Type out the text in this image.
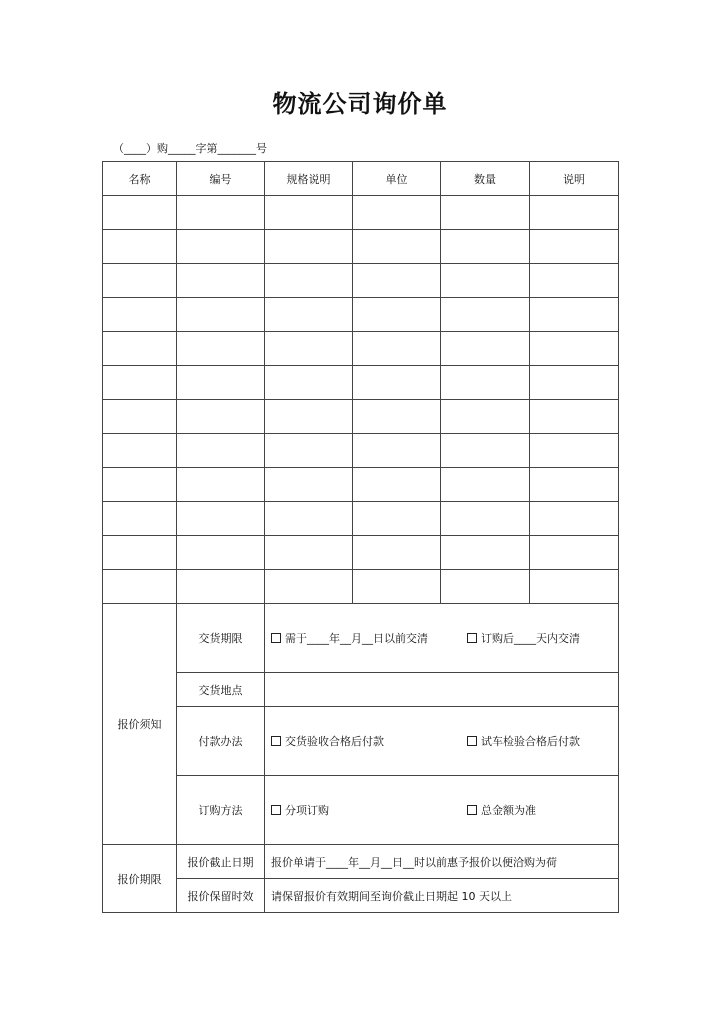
物流公司询价单
（____）购_____字第_______号
名称	编号	规格说明	单位	数量	说明

报价须知	交货期限	需于____年__月__日以前交清 订购后____天内交清			

	交货地点				
	付款办法	交货验收合格后付款 试车检验合格后付款			

	订购方法	分项订购 总金额为准			

报价期限	报价截止日期	报价单请于____年__月__日__时以前惠予报价以便洽购为荷			
	报价保留时效	请保留报价有效期间至询价截止日期起 10 天以上			
